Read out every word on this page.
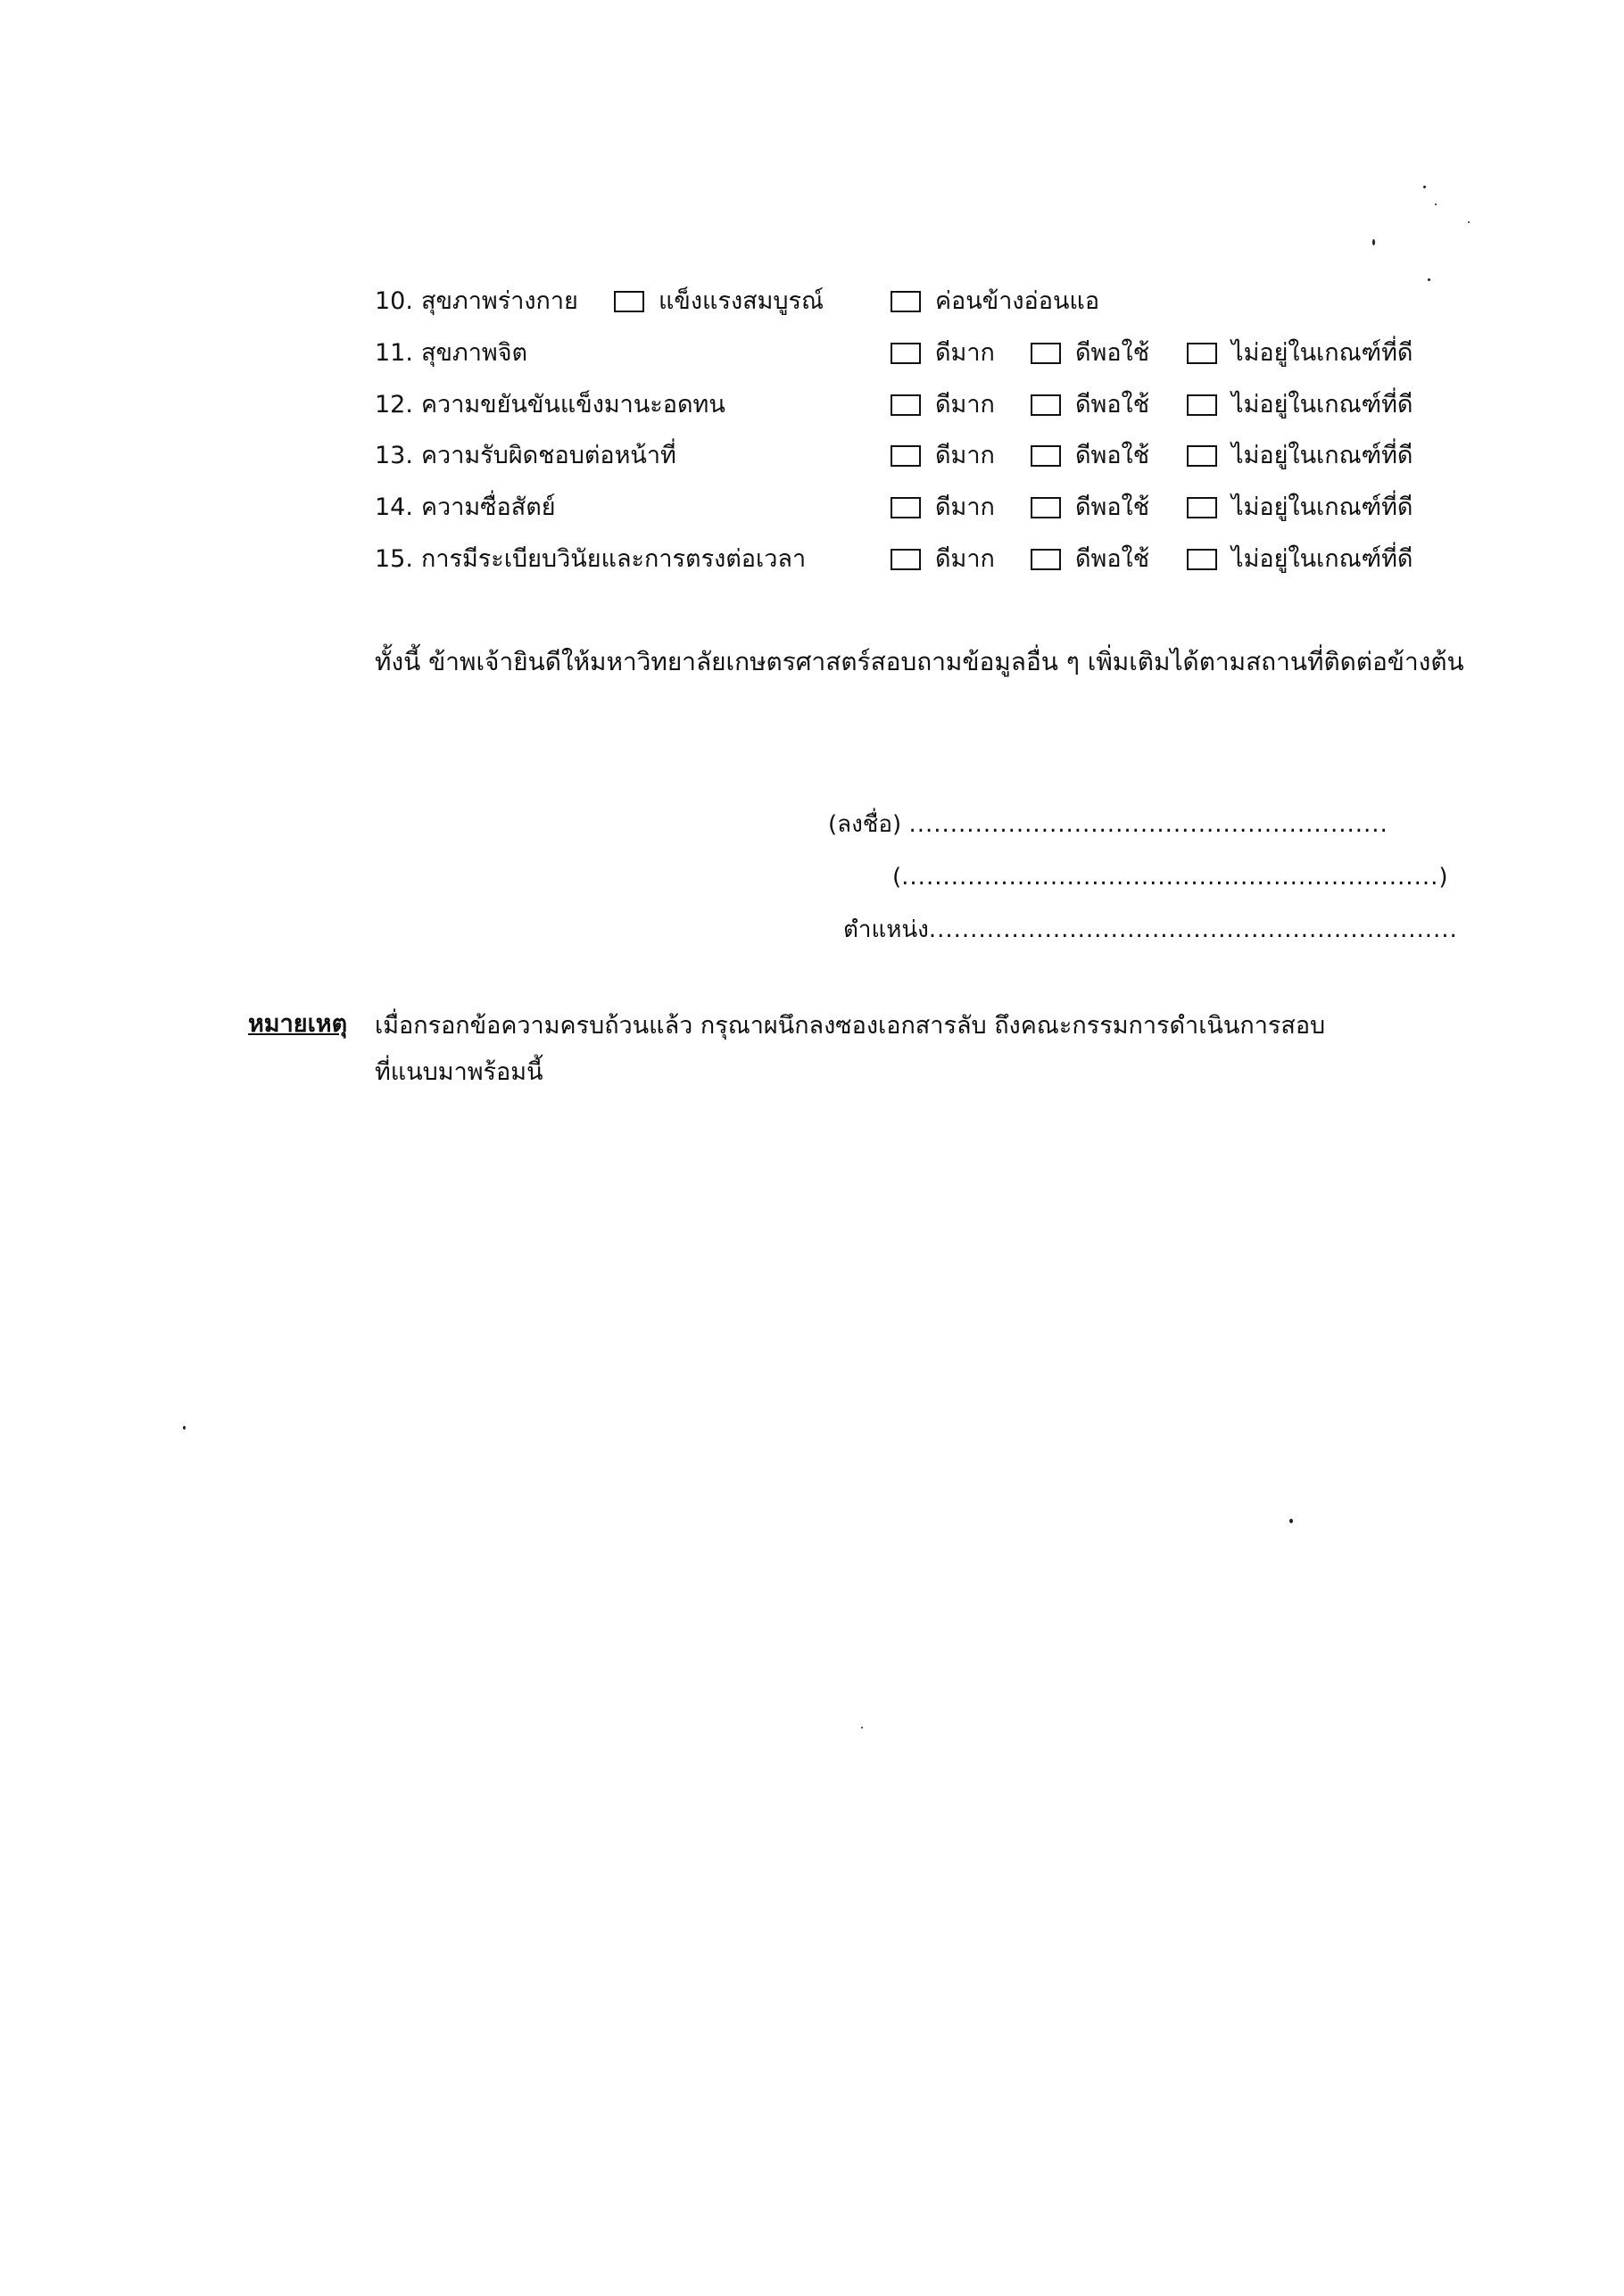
10. สุขภาพร่างกาย	แข็งแรงสมบูรณ์	ค่อนข้างอ่อนแอ
11. สุขภาพจิต	ดีมาก	ดีพอใช้	ไม่อยู่ในเกณฑ์ที่ดี
12. ความขยันขันแข็งมานะอดทน	ดีมาก	ดีพอใช้	ไม่อยู่ในเกณฑ์ที่ดี
13. ความรับผิดชอบต่อหน้าที่	ดีมาก	ดีพอใช้	ไม่อยู่ในเกณฑ์ที่ดี
14. ความซื่อสัตย์	ดีมาก	ดีพอใช้	ไม่อยู่ในเกณฑ์ที่ดี
15. การมีระเบียบวินัยและการตรงต่อเวลา	ดีมาก	ดีพอใช้	ไม่อยู่ในเกณฑ์ที่ดี
ทั้งนี้ ข้าพเจ้ายินดีให้มหาวิทยาลัยเกษตรศาสตร์สอบถามข้อมูลอื่น ๆ เพิ่มเติมได้ตามสถานที่ติดต่อข้างต้น
(ลงชื่อ) ..........................................................
(.................................................................)
ตำแหน่ง................................................................
หมายเหตุ เมื่อกรอกข้อความครบถ้วนแล้ว กรุณาผนึกลงซองเอกสารลับ ถึงคณะกรรมการดำเนินการสอบ
ที่แนบมาพร้อมนี้
